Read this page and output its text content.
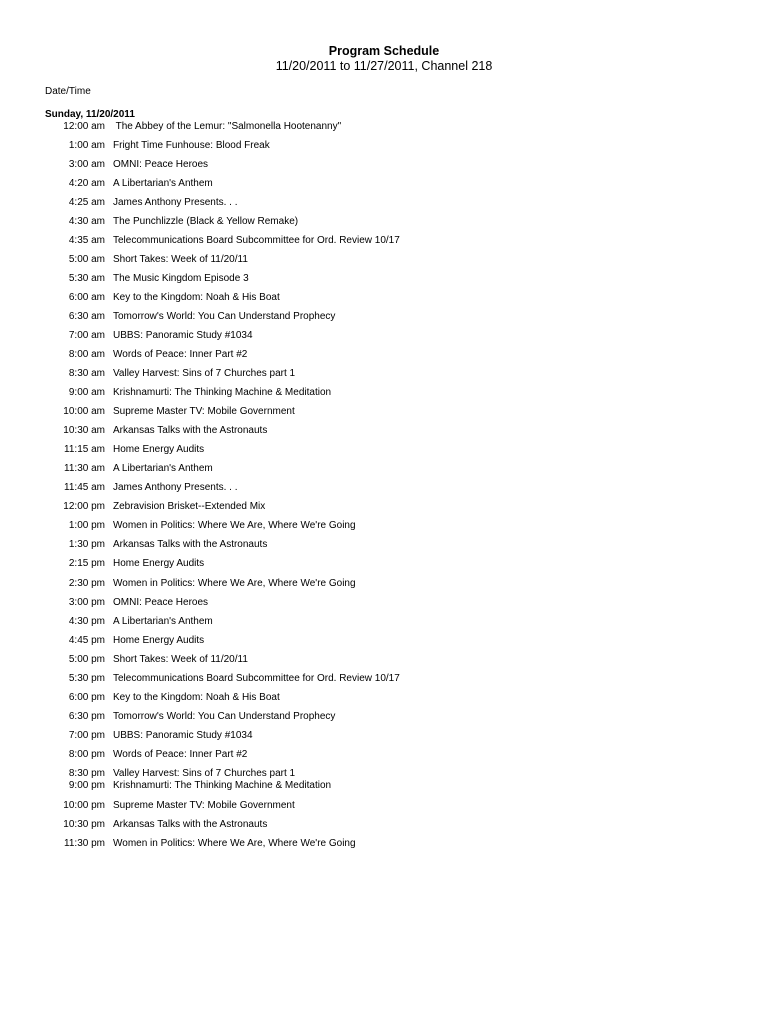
Program Schedule
11/20/2011 to 11/27/2011, Channel 218
Date/Time
Sunday, 11/20/2011
12:00 am The Abbey of the Lemur: "Salmonella Hootenanny"
1:00 am Fright Time Funhouse: Blood Freak
3:00 am OMNI: Peace Heroes
4:20 am A Libertarian's Anthem
4:25 am James Anthony Presents. . .
4:30 am The Punchlizzle (Black & Yellow Remake)
4:35 am Telecommunications Board Subcommittee for Ord. Review 10/17
5:00 am Short Takes: Week of 11/20/11
5:30 am The Music Kingdom Episode 3
6:00 am Key to the Kingdom: Noah & His Boat
6:30 am Tomorrow's World: You Can Understand Prophecy
7:00 am UBBS: Panoramic Study #1034
8:00 am Words of Peace: Inner Part #2
8:30 am Valley Harvest: Sins of 7 Churches part 1
9:00 am Krishnamurti: The Thinking Machine & Meditation
10:00 am Supreme Master TV: Mobile Government
10:30 am Arkansas Talks with the Astronauts
11:15 am Home Energy Audits
11:30 am A Libertarian's Anthem
11:45 am James Anthony Presents. . .
12:00 pm Zebravision Brisket--Extended Mix
1:00 pm Women in Politics: Where We Are, Where We're Going
1:30 pm Arkansas Talks with the Astronauts
2:15 pm Home Energy Audits
2:30 pm Women in Politics: Where We Are, Where We're Going
3:00 pm OMNI: Peace Heroes
4:30 pm A Libertarian's Anthem
4:45 pm Home Energy Audits
5:00 pm Short Takes: Week of 11/20/11
5:30 pm Telecommunications Board Subcommittee for Ord. Review 10/17
6:00 pm Key to the Kingdom: Noah & His Boat
6:30 pm Tomorrow's World: You Can Understand Prophecy
7:00 pm UBBS: Panoramic Study #1034
8:00 pm Words of Peace: Inner Part #2
8:30 pm Valley Harvest: Sins of 7 Churches part 1
9:00 pm Krishnamurti: The Thinking Machine & Meditation
10:00 pm Supreme Master TV: Mobile Government
10:30 pm Arkansas Talks with the Astronauts
11:30 pm Women in Politics: Where We Are, Where We're Going
